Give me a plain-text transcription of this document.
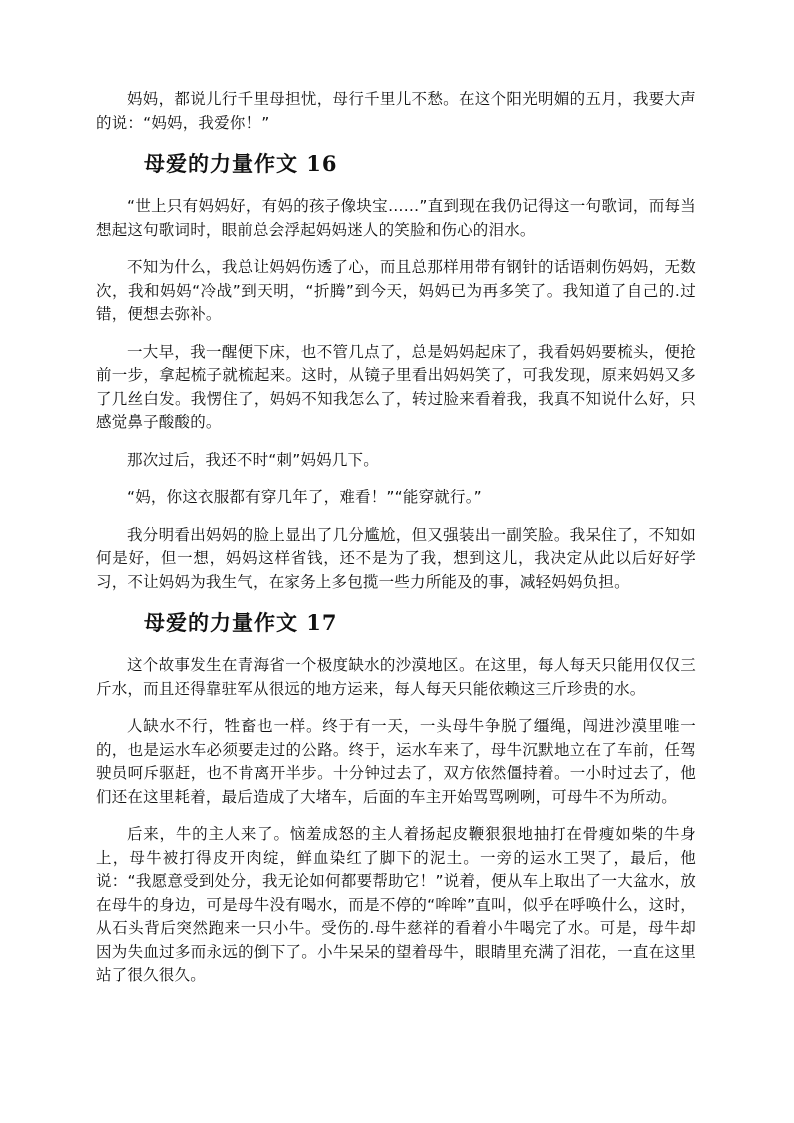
妈妈，都说儿行千里母担忧，母行千里儿不愁。在这个阳光明媚的五月，我要大声的说：“妈妈，我爱你！”

母爱的力量作文 16

“世上只有妈妈好，有妈的孩子像块宝……”直到现在我仍记得这一句歌词，而每当想起这句歌词时，眼前总会浮起妈妈迷人的笑脸和伤心的泪水。

不知为什么，我总让妈妈伤透了心，而且总那样用带有钢针的话语刺伤妈妈，无数次，我和妈妈“冷战”到天明，“折腾”到今天，妈妈已为再多笑了。我知道了自己的.过错，便想去弥补。

一大早，我一醒便下床，也不管几点了，总是妈妈起床了，我看妈妈要梳头，便抢前一步，拿起梳子就梳起来。这时，从镜子里看出妈妈笑了，可我发现，原来妈妈又多了几丝白发。我愣住了，妈妈不知我怎么了，转过脸来看着我，我真不知说什么好，只感觉鼻子酸酸的。

那次过后，我还不时“刺”妈妈几下。

“妈，你这衣服都有穿几年了，难看！”“能穿就行。”

我分明看出妈妈的脸上显出了几分尴尬，但又强装出一副笑脸。我呆住了，不知如何是好，但一想，妈妈这样省钱，还不是为了我，想到这儿，我决定从此以后好好学习，不让妈妈为我生气，在家务上多包揽一些力所能及的事，减轻妈妈负担。

母爱的力量作文 17

这个故事发生在青海省一个极度缺水的沙漠地区。在这里，每人每天只能用仅仅三斤水，而且还得靠驻军从很远的地方运来，每人每天只能依赖这三斤珍贵的水。

人缺水不行，牲畜也一样。终于有一天，一头母牛争脱了缰绳，闯进沙漠里唯一的，也是运水车必须要走过的公路。终于，运水车来了，母牛沉默地立在了车前，任驾驶员呵斥驱赶，也不肯离开半步。十分钟过去了，双方依然僵持着。一小时过去了，他们还在这里耗着，最后造成了大堵车，后面的车主开始骂骂咧咧，可母牛不为所动。

后来，牛的主人来了。恼羞成怒的主人着扬起皮鞭狠狠地抽打在骨瘦如柴的牛身上，母牛被打得皮开肉绽，鲜血染红了脚下的泥土。一旁的运水工哭了，最后，他说：“我愿意受到处分，我无论如何都要帮助它！”说着，便从车上取出了一大盆水，放在母牛的身边，可是母牛没有喝水，而是不停的“哞哞”直叫，似乎在呼唤什么，这时，从石头背后突然跑来一只小牛。受伤的.母牛慈祥的看着小牛喝完了水。可是，母牛却因为失血过多而永远的倒下了。小牛呆呆的望着母牛，眼睛里充满了泪花，一直在这里站了很久很久。
